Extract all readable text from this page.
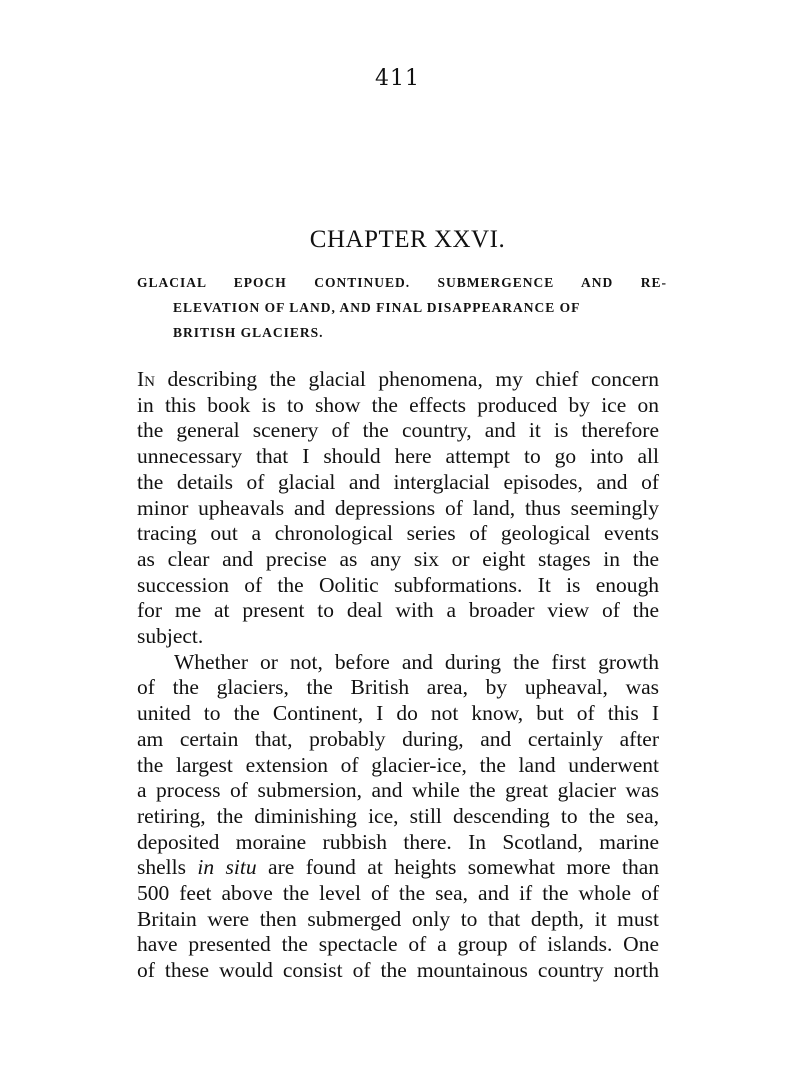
411
CHAPTER XXVI.
GLACIAL EPOCH CONTINUED. SUBMERGENCE AND RE-
ELEVATION OF LAND, AND FINAL DISAPPEARANCE OF
BRITISH GLACIERS.
In describing the glacial phenomena, my chief concern
in this book is to show the effects produced by ice on
the general scenery of the country, and it is therefore
unnecessary that I should here attempt to go into all
the details of glacial and interglacial episodes, and of
minor upheavals and depressions of land, thus seemingly
tracing out a chronological series of geological events
as clear and precise as any six or eight stages in the
succession of the Oolitic subformations. It is enough
for me at present to deal with a broader view of the
subject.
Whether or not, before and during the first growth
of the glaciers, the British area, by upheaval, was
united to the Continent, I do not know, but of this I
am certain that, probably during, and certainly after
the largest extension of glacier-ice, the land underwent
a process of submersion, and while the great glacier was
retiring, the diminishing ice, still descending to the sea,
deposited moraine rubbish there. In Scotland, marine
shells in situ are found at heights somewhat more than
500 feet above the level of the sea, and if the whole of
Britain were then submerged only to that depth, it must
have presented the spectacle of a group of islands. One
of these would consist of the mountainous country north
